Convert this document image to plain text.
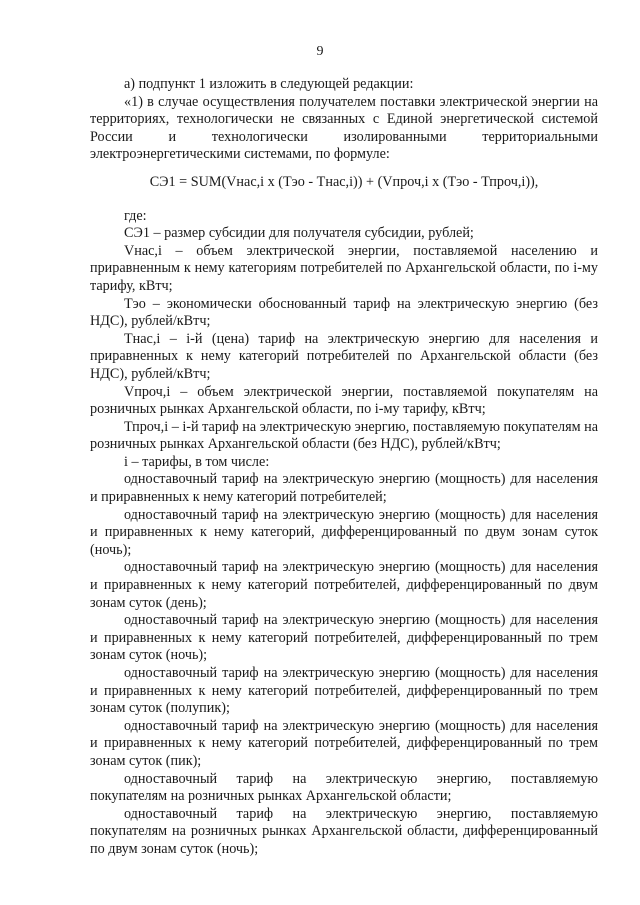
9

а) подпункт 1 изложить в следующей редакции:

«1) в случае осуществления получателем поставки электрической энергии на территориях, технологически не связанных с Единой энергетической системой России и технологически изолированными территориальными электроэнергетическими системами, по формуле:

СЭ1 = SUM(Vнас,i x (Тэо - Тнас,i)) + (Vпроч,i x (Тэо - Тпроч,i)),

где:

СЭ1 – размер субсидии для получателя субсидии, рублей;

Vнас,i – объем электрической энергии, поставляемой населению и приравненным к нему категориям потребителей по Архангельской области, по i-му тарифу, кВтч;

Тэо – экономически обоснованный тариф на электрическую энергию (без НДС), рублей/кВтч;

Тнас,i – i-й (цена) тариф на электрическую энергию для населения и приравненных к нему категорий потребителей по Архангельской области (без НДС), рублей/кВтч;

Vпроч,i – объем электрической энергии, поставляемой покупателям на розничных рынках Архангельской области, по i-му тарифу, кВтч;

Тпроч,i – i-й тариф на электрическую энергию, поставляемую покупателям на розничных рынках Архангельской области (без НДС), рублей/кВтч;

i – тарифы, в том числе:

одноставочный тариф на электрическую энергию (мощность) для населения и приравненных к нему категорий потребителей;

одноставочный тариф на электрическую энергию (мощность) для населения и приравненных к нему категорий, дифференцированный по двум зонам суток (ночь);

одноставочный тариф на электрическую энергию (мощность) для населения и приравненных к нему категорий потребителей, дифференцированный по двум зонам суток (день);

одноставочный тариф на электрическую энергию (мощность) для населения и приравненных к нему категорий потребителей, дифференцированный по трем зонам суток (ночь);

одноставочный тариф на электрическую энергию (мощность) для населения и приравненных к нему категорий потребителей, дифференцированный по трем зонам суток (полупик);

одноставочный тариф на электрическую энергию (мощность) для населения и приравненных к нему категорий потребителей, дифференцированный по трем зонам суток (пик);

одноставочный тариф на электрическую энергию, поставляемую покупателям на розничных рынках Архангельской области;

одноставочный тариф на электрическую энергию, поставляемую покупателям на розничных рынках Архангельской области, дифференцированный по двум зонам суток (ночь);
